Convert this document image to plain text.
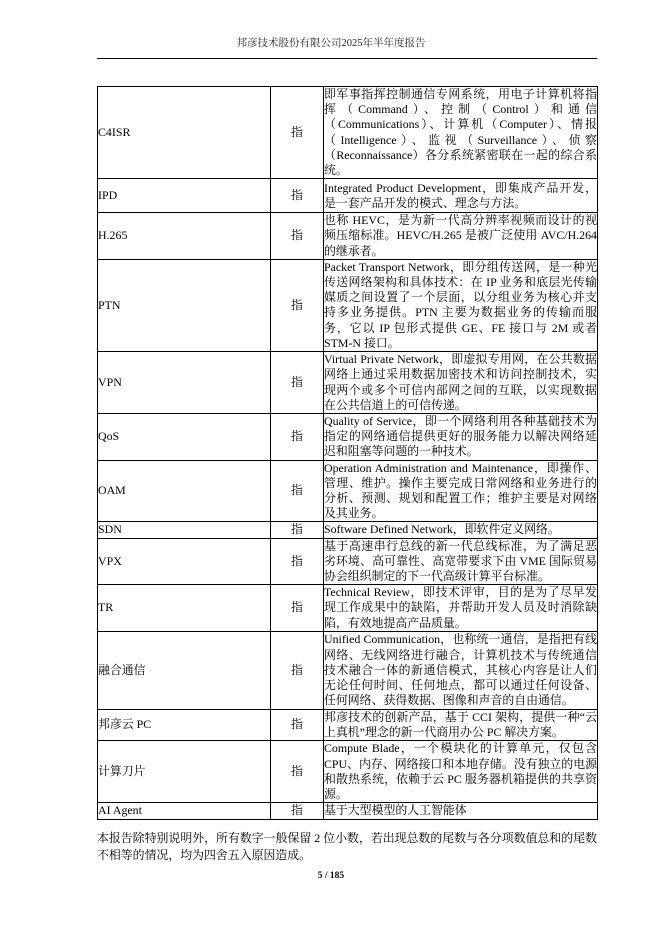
邦彦技术股份有限公司2025年半年度报告
C4ISR	指	即军事指挥控制通信专网系统，用电子计算机将指挥（Command）、控制（Control）和通信（Communications）、计算机（Computer）、情报（Intelligence）、监视（Surveillance）、侦察（Reconnaissance）各分系统紧密联在一起的综合系统。
IPD	指	Integrated Product Development，即集成产品开发，是一套产品开发的模式、理念与方法。
H.265	指	也称 HEVC，是为新一代高分辨率视频而设计的视频压缩标准。HEVC/H.265 是被广泛使用 AVC/H.264 的继承者。
PTN	指	Packet Transport Network，即分组传送网，是一种光传送网络架构和具体技术：在 IP 业务和底层光传输媒质之间设置了一个层面，以分组业务为核心并支持多业务提供。PTN 主要为数据业务的传输而服务，它以 IP 包形式提供 GE、FE 接口与 2M 或者 STM-N 接口。
VPN	指	Virtual Private Network，即虚拟专用网，在公共数据网络上通过采用数据加密技术和访问控制技术，实现两个或多个可信内部网之间的互联，以实现数据在公共信道上的可信传递。
QoS	指	Quality of Service，即一个网络利用各种基础技术为指定的网络通信提供更好的服务能力以解决网络延迟和阻塞等问题的一种技术。
OAM	指	Operation Administration and Maintenance，即操作、管理、维护。操作主要完成日常网络和业务进行的分析、预测、规划和配置工作；维护主要是对网络及其业务。
SDN	指	Software Defined Network，即软件定义网络。
VPX	指	基于高速串行总线的新一代总线标准，为了满足恶劣环境、高可靠性、高宽带要求下由 VME 国际贸易协会组织制定的下一代高级计算平台标准。
TR	指	Technical Review，即技术评审，目的是为了尽早发现工作成果中的缺陷，并帮助开发人员及时消除缺陷，有效地提高产品质量。
融合通信	指	Unified Communication，也称统一通信，是指把有线网络、无线网络进行融合，计算机技术与传统通信技术融合一体的新通信模式，其核心内容是让人们无论任何时间、任何地点，都可以通过任何设备、任何网络、获得数据、图像和声音的自由通信。
邦彦云 PC	指	邦彦技术的创新产品，基于 CCI 架构，提供一种“云上真机”理念的新一代商用办公 PC 解决方案。
计算刀片	指	Compute Blade，一个模块化的计算单元，仅包含 CPU、内存、网络接口和本地存储。没有独立的电源和散热系统，依赖于云 PC 服务器机箱提供的共享资源。
AI Agent	指	基于大型模型的人工智能体

本报告除特别说明外，所有数字一般保留 2 位小数，若出现总数的尾数与各分项数值总和的尾数不相等的情况，均为四舍五入原因造成。

5 / 185
